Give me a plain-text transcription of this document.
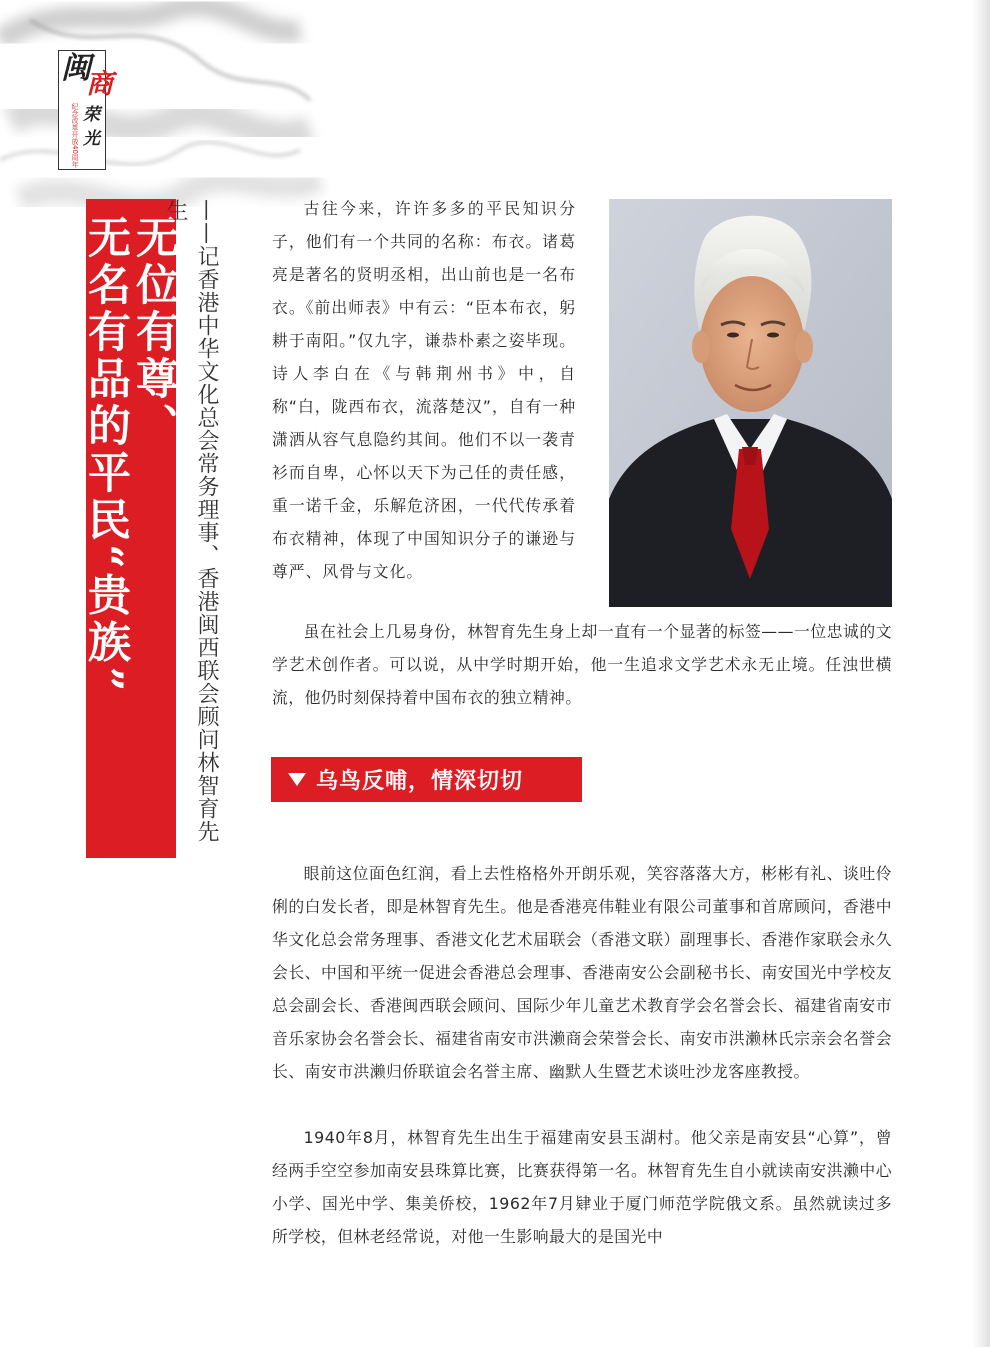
闽
商
纪念改革开放40周年 荣
光
无位有尊、
无名有品的平民“贵族”	——记香港中华文化总会常务理事、香港闽西联会顾问林智育先生	古往今来，许许多多的平民知识分子，他们有一个共同的名称：布衣。诸葛亮是著名的贤明丞相，出山前也是一名布衣。《前出师表》中有云：“臣本布衣，躬耕于南阳。”仅九字，谦恭朴素之姿毕现。诗人李白在《与韩荆州书》中，自称“白，陇西布衣，流落楚汉”，自有一种潇洒从容气息隐约其间。他们不以一袭青衫而自卑，心怀以天下为己任的责任感，重一诺千金，乐解危济困，一代代传承着布衣精神，体现了中国知识分子的谦逊与尊严、风骨与文化。

虽在社会上几易身份，林智育先生身上却一直有一个显著的标签——一位忠诚的文学艺术创作者。可以说，从中学时期开始，他一生追求文学艺术永无止境。任浊世横流，他仍时刻保持着中国布衣的独立精神。

乌鸟反哺，情深切切

眼前这位面色红润，看上去性格格外开朗乐观，笑容落落大方，彬彬有礼、谈吐伶俐的白发长者，即是林智育先生。他是香港亮伟鞋业有限公司董事和首席顾问，香港中华文化总会常务理事、香港文化艺术届联会（香港文联）副理事长、香港作家联会永久会长、中国和平统一促进会香港总会理事、香港南安公会副秘书长、南安国光中学校友总会副会长、香港闽西联会顾问、国际少年儿童艺术教育学会名誉会长、福建省南安市音乐家协会名誉会长、福建省南安市洪濑商会荣誉会长、南安市洪濑林氏宗亲会名誉会长、南安市洪濑归侨联谊会名誉主席、幽默人生暨艺术谈吐沙龙客座教授。

1940年8月，林智育先生出生于福建南安县玉湖村。他父亲是南安县“心算”，曾经两手空空参加南安县珠算比赛，比赛获得第一名。林智育先生自小就读南安洪濑中心小学、国光中学、集美侨校，1962年7月肄业于厦门师范学院俄文系。虽然就读过多所学校，但林老经常说，对他一生影响最大的是国光中
